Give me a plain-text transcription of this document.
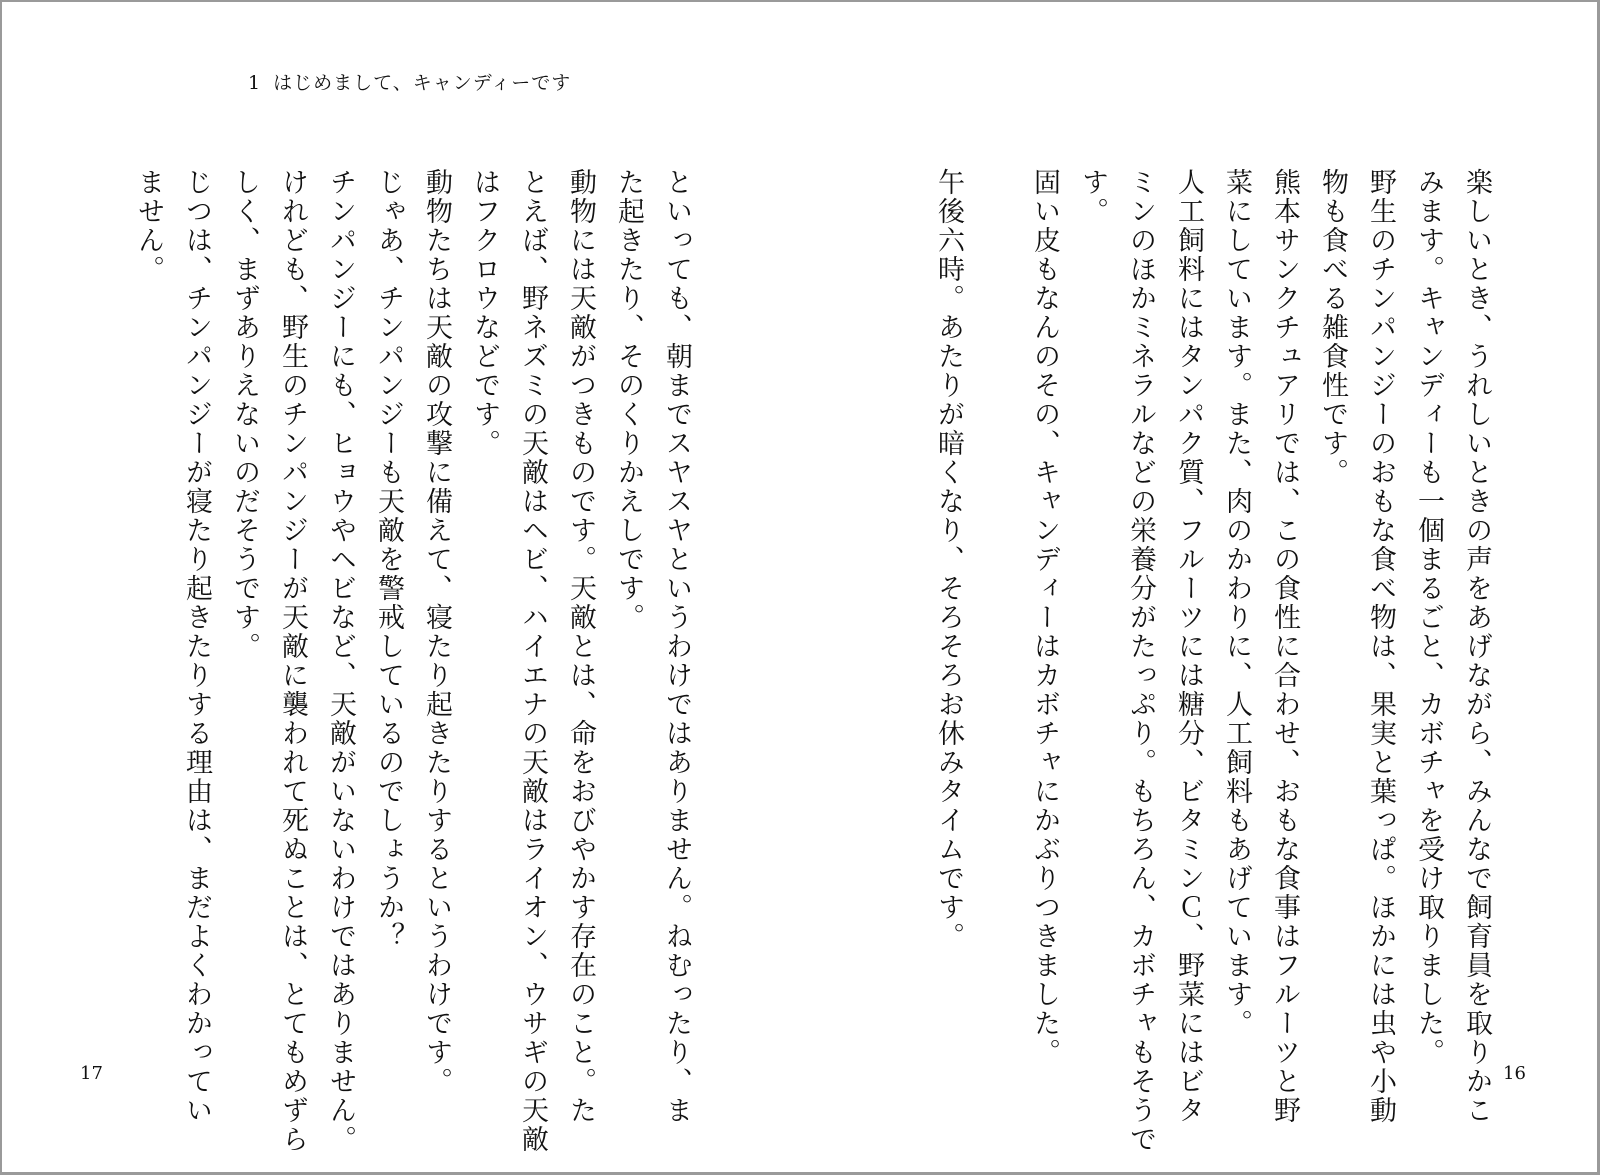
1 はじめまして、キャンディーです
楽しいとき、うれしいときの声をあげながら、みんなで飼育員を取りかこ
みます。キャンディーも一個まるごと、カボチャを受け取りました。
野生のチンパンジーのおもな食べ物は、果実と葉っぱ。ほかには虫や小動
物も食べる雑食性です。
熊本サンクチュアリでは、この食性に合わせ、おもな食事はフルーツと野
菜にしています。また、肉のかわりに、人工飼料もあげています。
人工飼料にはタンパク質、フルーツには糖分、ビタミンＣ、野菜にはビタ
ミンのほかミネラルなどの栄養分がたっぷり。もちろん、カボチャもそうで
す。
固い皮もなんのその、キャンディーはカボチャにかぶりつきました。
午後六時。あたりが暗くなり、そろそろお休みタイムです。
といっても、朝までスヤスヤというわけではありません。ねむったり、ま
た起きたり、そのくりかえしです。
動物には天敵がつきものです。天敵とは、命をおびやかす存在のこと。た
とえば、野ネズミの天敵はヘビ、ハイエナの天敵はライオン、ウサギの天敵
はフクロウなどです。
動物たちは天敵の攻撃に備えて、寝たり起きたりするというわけです。
じゃあ、チンパンジーも天敵を警戒しているのでしょうか？
チンパンジーにも、ヒョウやヘビなど、天敵がいないわけではありません。
けれども、野生のチンパンジーが天敵に襲われて死ぬことは、とてもめずら
しく、まずありえないのだそうです。
じつは、チンパンジーが寝たり起きたりする理由は、まだよくわかってい
ません。
17	16
